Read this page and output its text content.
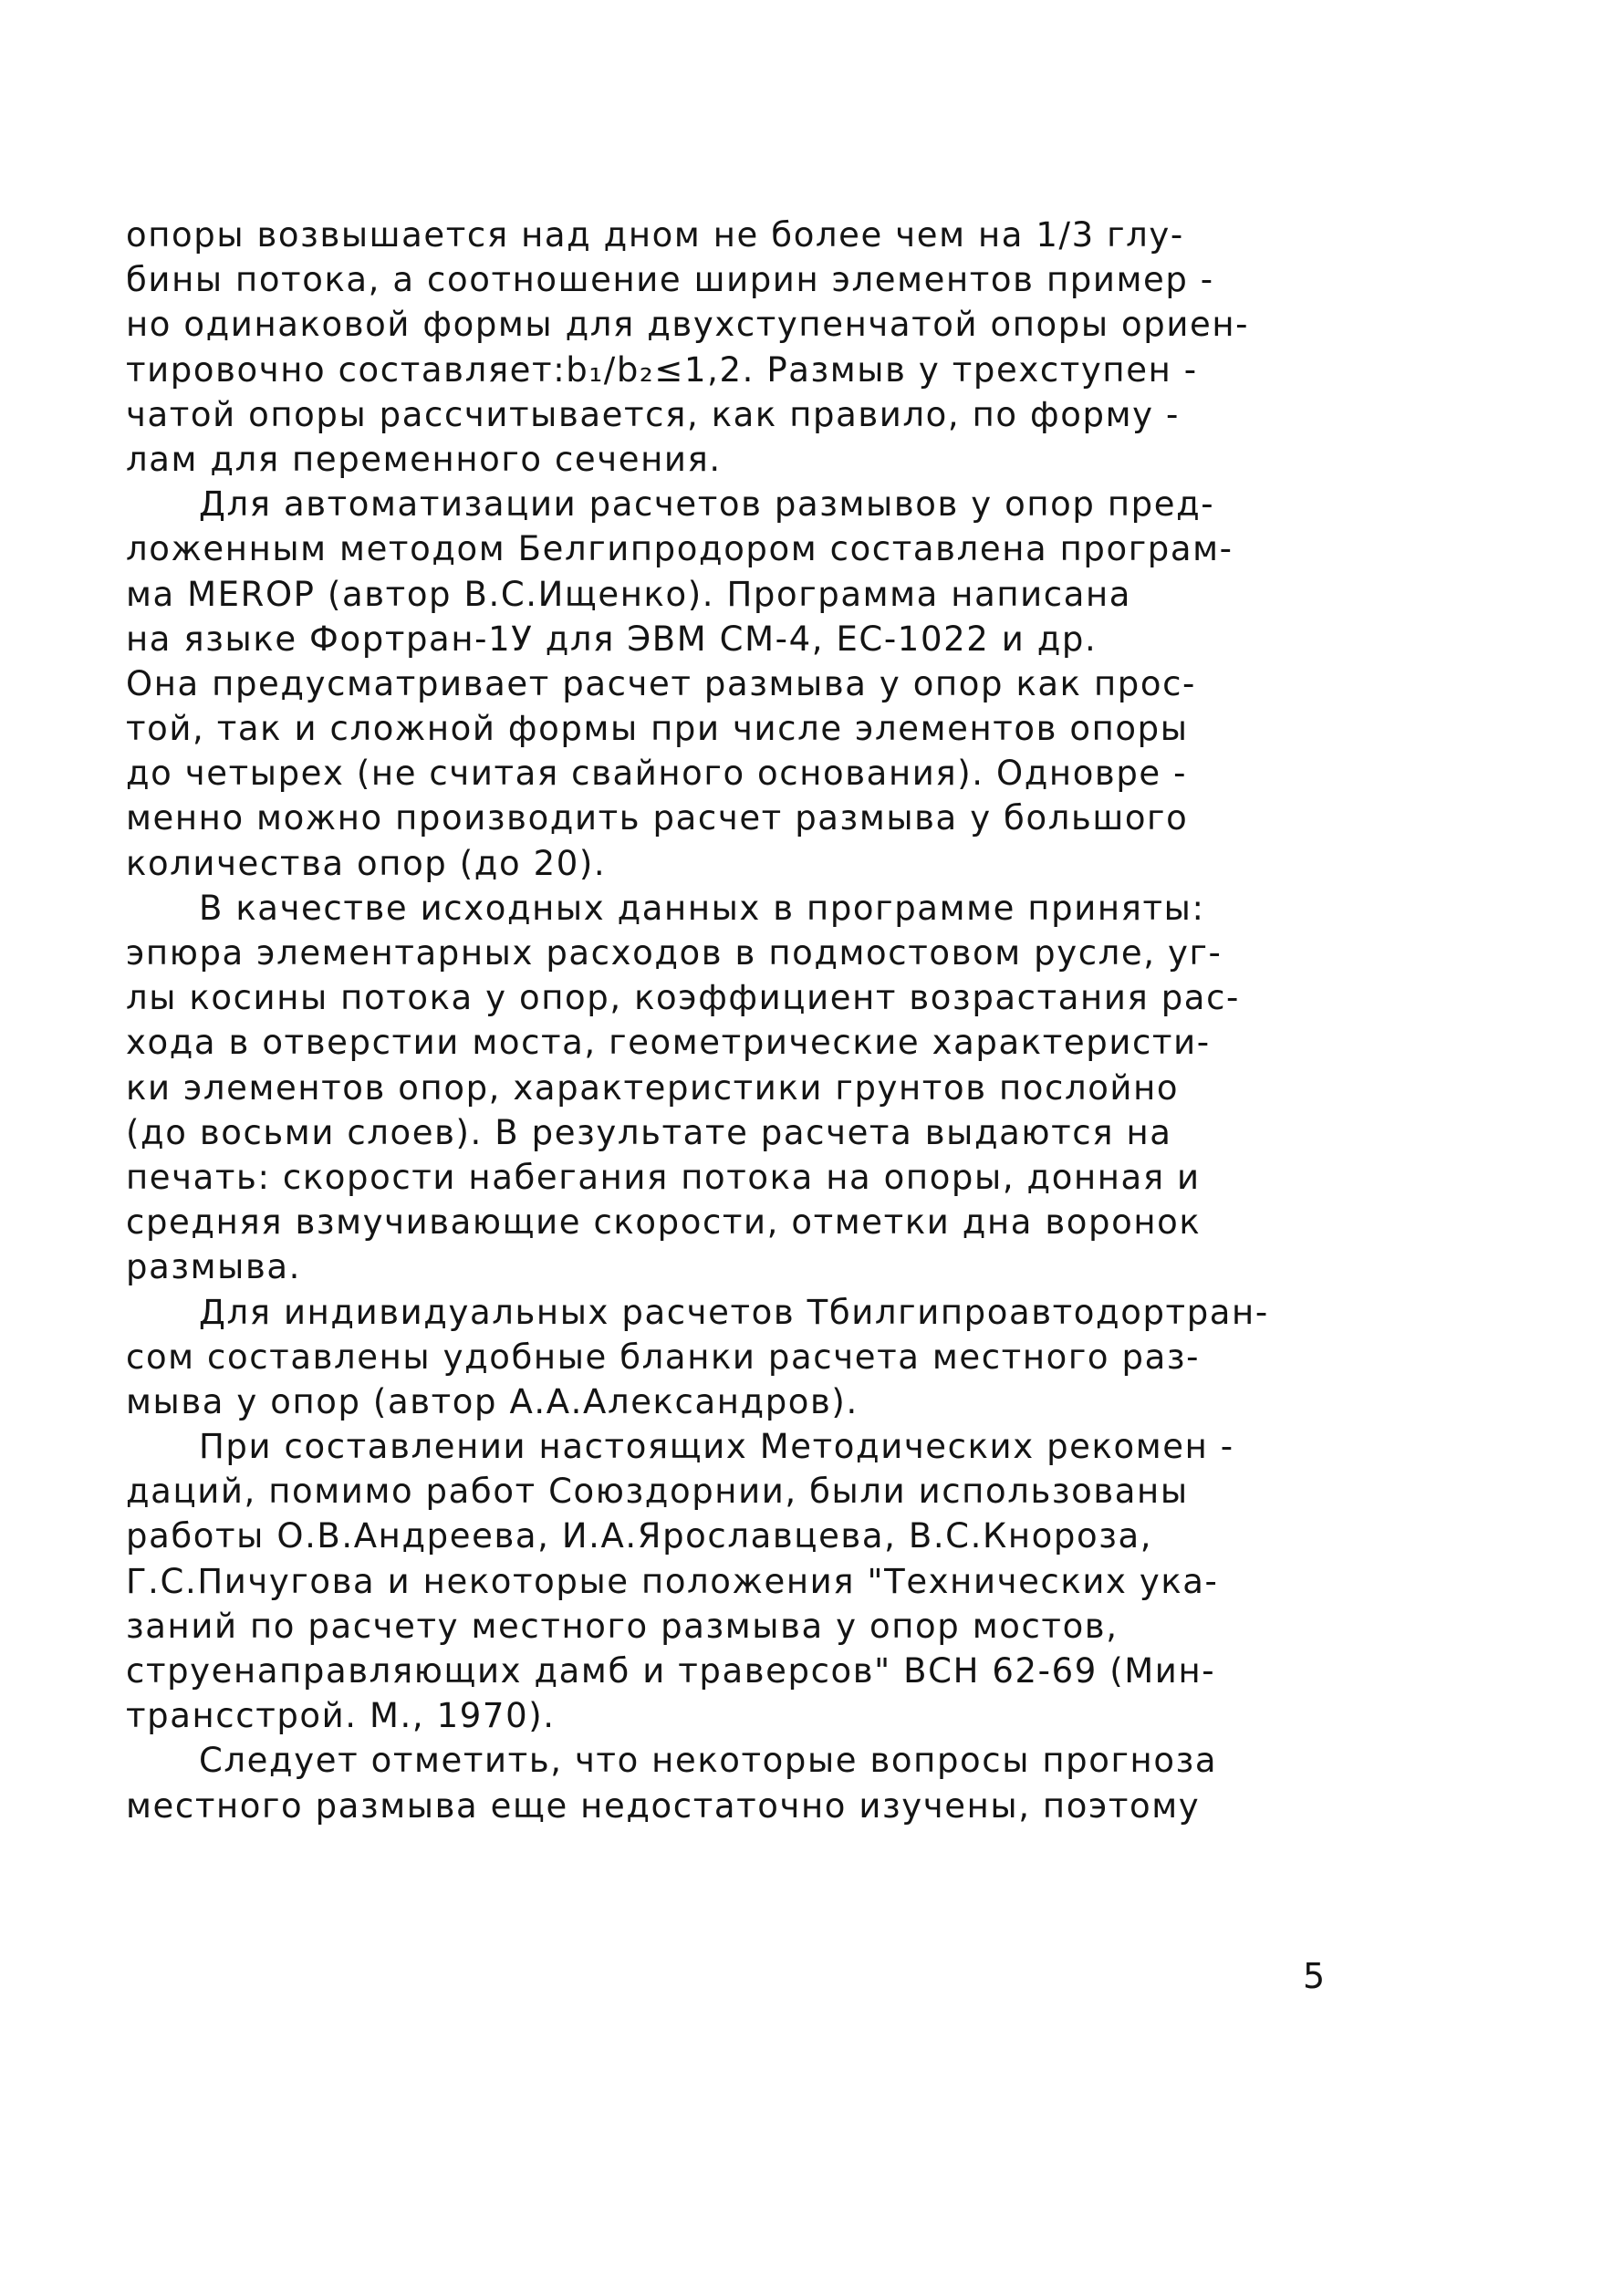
опоры возвышается над дном не более чем на 1/3 глу-
бины потока, а соотношение ширин элементов пример -
но одинаковой формы для двухступенчатой опоры ориен-
тировочно составляет:b₁/b₂≤1,2. Размыв у трехступен -
чатой опоры рассчитывается, как правило, по форму -
лам для переменного сечения.
Для автоматизации расчетов размывов у опор пред-
ложенным методом Белгипродором составлена програм-
ма MEROP (автор В.С.Ищенко). Программа написана
на языке Фортран-1У для ЭВМ СМ-4, ЕС-1022 и др.
Она предусматривает расчет размыва у опор как прос-
той, так и сложной формы при числе элементов опоры
до четырех (не считая свайного основания). Одновре -
менно можно производить расчет размыва у большого
количества опор (до 20).
В качестве исходных данных в программе приняты:
эпюра элементарных расходов в подмостовом русле, уг-
лы косины потока у опор, коэффициент возрастания рас-
хода в отверстии моста, геометрические характеристи-
ки элементов опор, характеристики грунтов послойно
(до восьми слоев). В результате расчета выдаются на
печать: скорости набегания потока на опоры, донная и
средняя взмучивающие скорости, отметки дна воронок
размыва.
Для индивидуальных расчетов Тбилгипроавтодортран-
сом составлены удобные бланки расчета местного раз-
мыва у опор (автор А.А.Александров).
При составлении настоящих Методических рекомен -
даций, помимо работ Союздорнии, были использованы
работы О.В.Андреева, И.А.Ярославцева, В.С.Кнороза,
Г.С.Пичугова и некоторые положения "Технических ука-
заний по расчету местного размыва у опор мостов,
струенаправляющих дамб и траверсов" ВСН 62-69 (Мин-
трансстрой. М., 1970).
Следует отметить, что некоторые вопросы прогноза
местного размыва еще недостаточно изучены, поэтому
5
